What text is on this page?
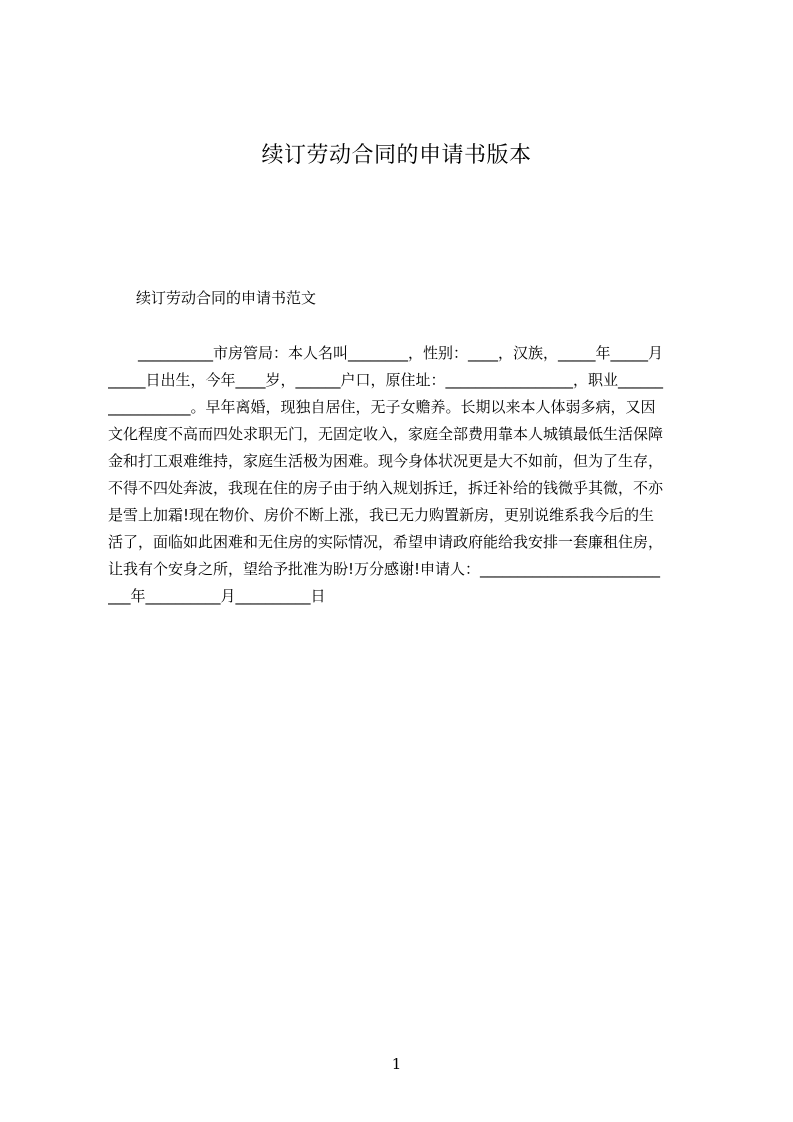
续订劳动合同的申请书版本
续订劳动合同的申请书范文
__________市房管局：本人名叫________，性别：____，汉族，_____年_____月
_____日出生，今年____岁，______户口，原住址：_________________，职业______
___________。早年离婚，现独自居住，无子女赡养。长期以来本人体弱多病，又因
文化程度不高而四处求职无门，无固定收入，家庭全部费用靠本人城镇最低生活保障
金和打工艰难维持，家庭生活极为困难。现今身体状况更是大不如前，但为了生存，
不得不四处奔波，我现在住的房子由于纳入规划拆迁，拆迁补给的钱微乎其微，不亦
是雪上加霜!现在物价、房价不断上涨，我已无力购置新房，更别说维系我今后的生
活了，面临如此困难和无住房的实际情况，希望申请政府能给我安排一套廉租住房，
让我有个安身之所，望给予批准为盼!万分感谢!申请人：________________________
___年__________月__________日
1
